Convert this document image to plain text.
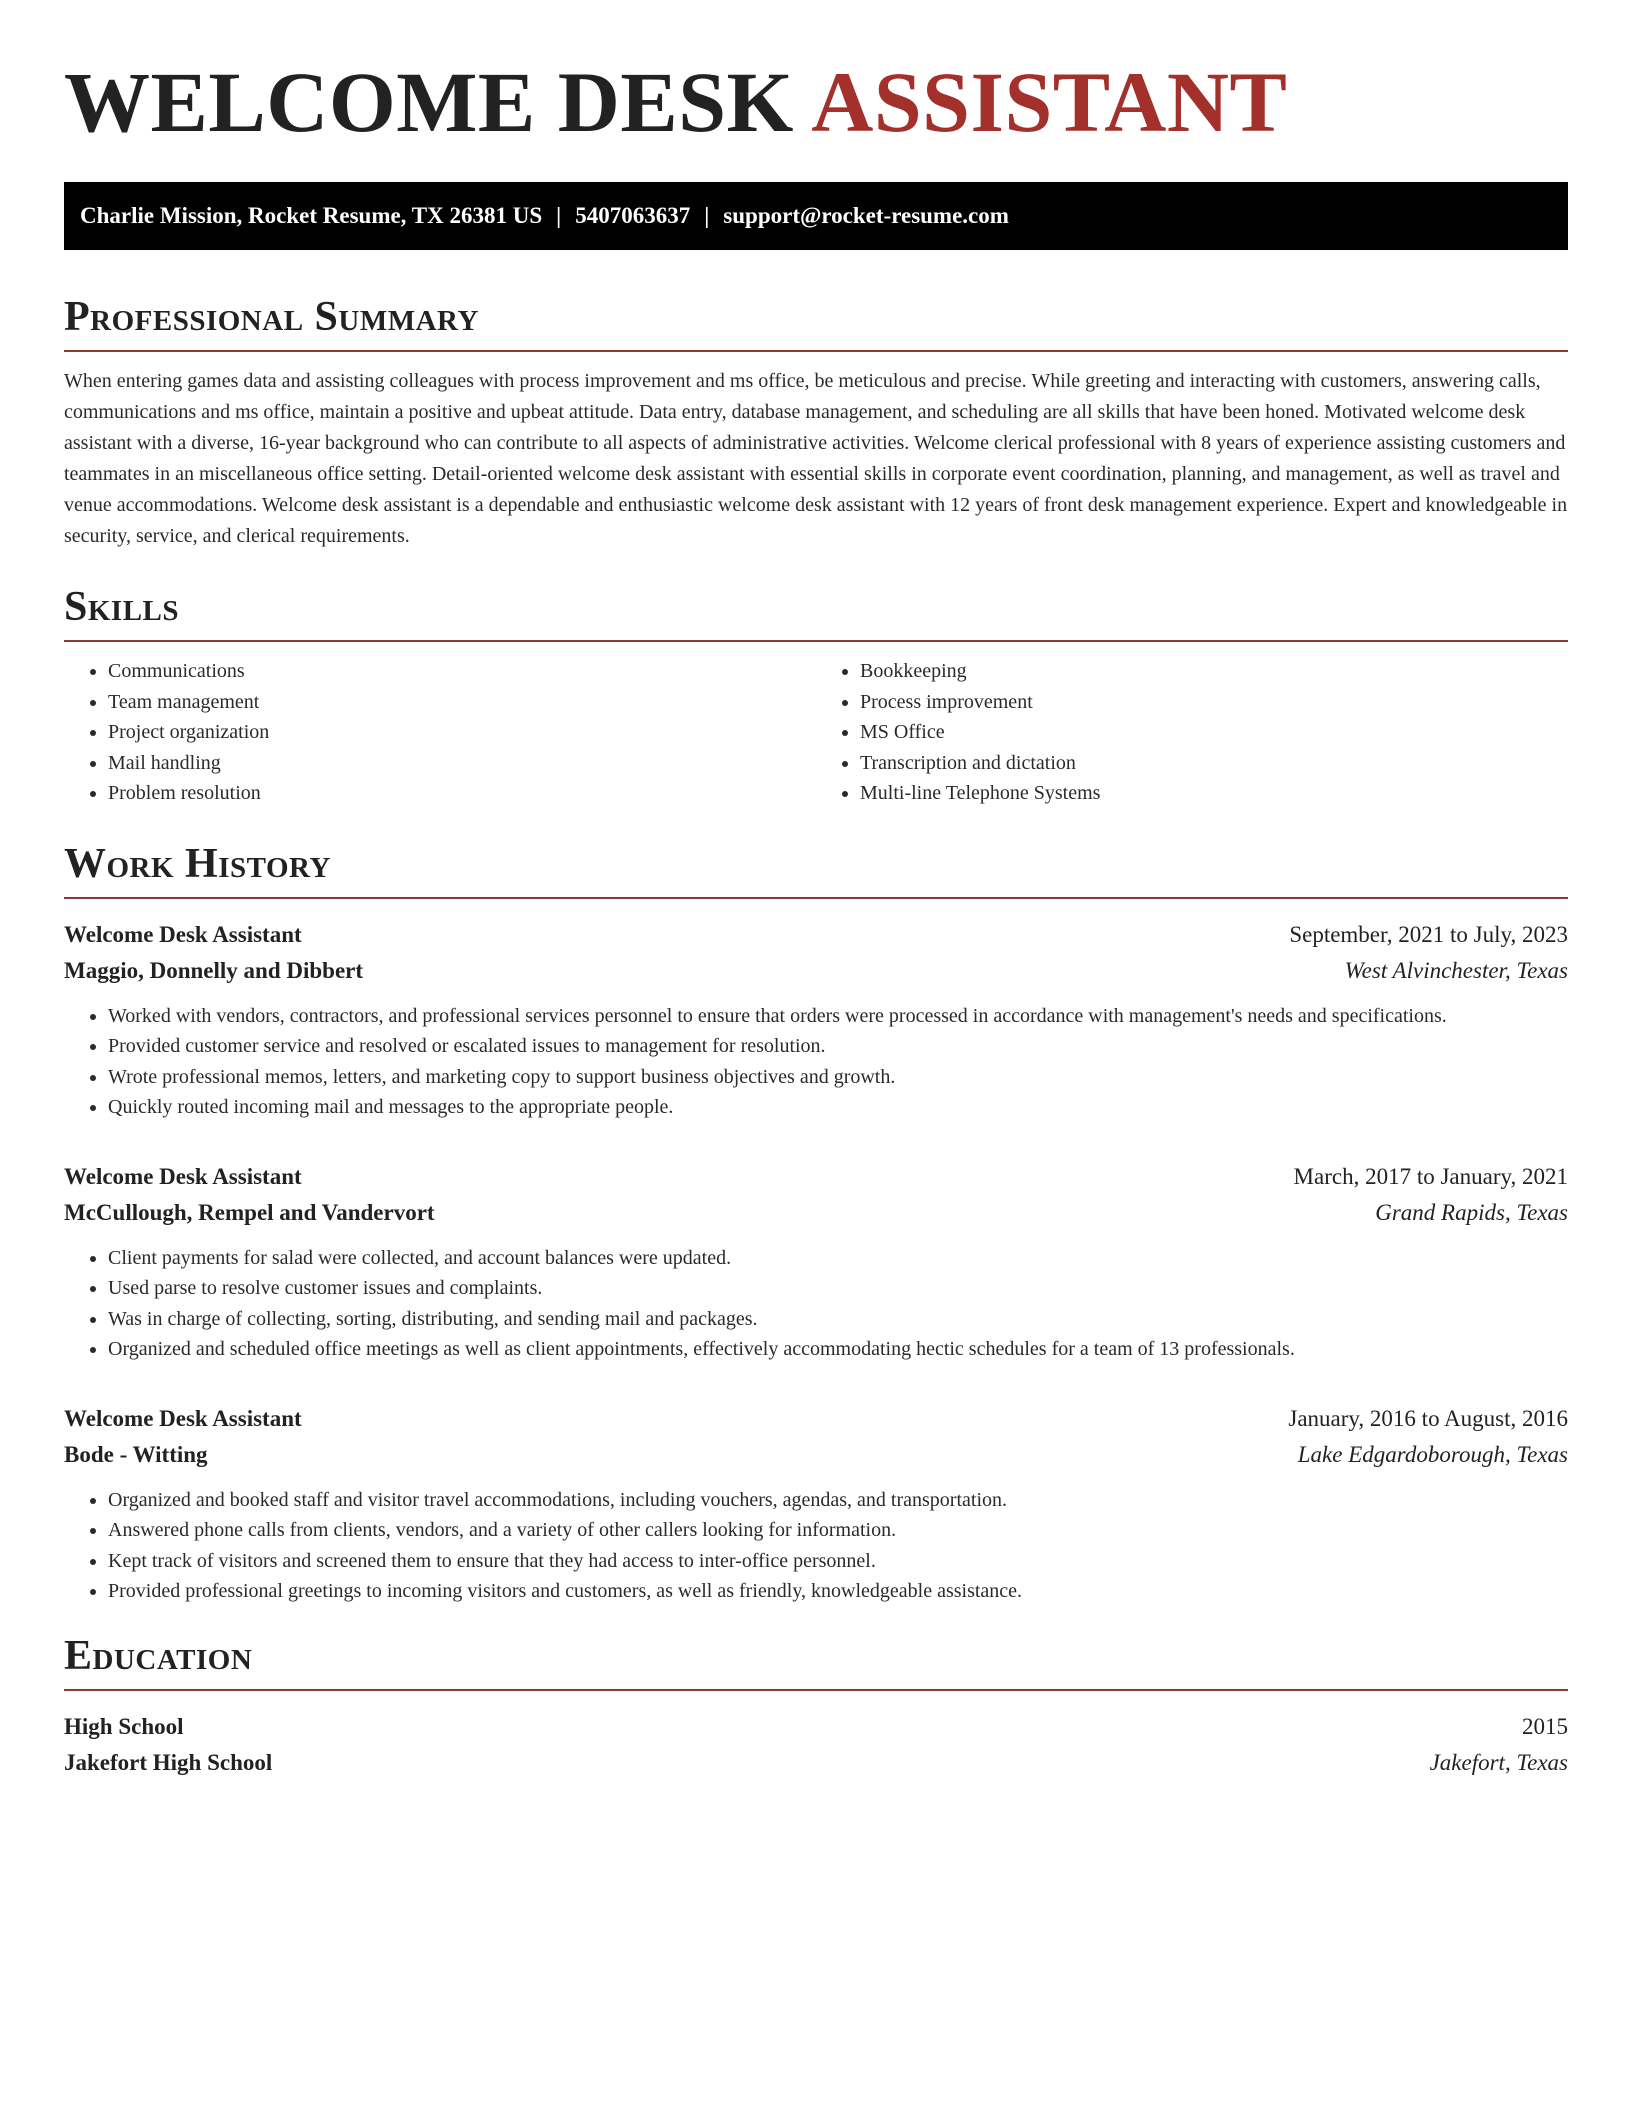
WELCOME DESK ASSISTANT
Charlie Mission, Rocket Resume, TX 26381 US | 5407063637 | support@rocket-resume.com
Professional Summary

When entering games data and assisting colleagues with process improvement and ms office, be meticulous and precise. While greeting and interacting with customers, answering calls, communications and ms office, maintain a positive and upbeat attitude. Data entry, database management, and scheduling are all skills that have been honed. Motivated welcome desk assistant with a diverse, 16-year background who can contribute to all aspects of administrative activities. Welcome clerical professional with 8 years of experience assisting customers and teammates in an miscellaneous office setting. Detail-oriented welcome desk assistant with essential skills in corporate event coordination, planning, and management, as well as travel and venue accommodations. Welcome desk assistant is a dependable and enthusiastic welcome desk assistant with 12 years of front desk management experience. Expert and knowledgeable in security, service, and clerical requirements.

Skills
• Communications
• Team management
• Project organization
• Mail handling
• Problem resolution
• Bookkeeping
• Process improvement
• MS Office
• Transcription and dictation
• Multi-line Telephone Systems
Work History
Welcome Desk Assistant	September, 2021 to July, 2023
Maggio, Donnelly and Dibbert	West Alvinchester, Texas
• Worked with vendors, contractors, and professional services personnel to ensure that orders were processed in accordance with management's needs and specifications.
• Provided customer service and resolved or escalated issues to management for resolution.
• Wrote professional memos, letters, and marketing copy to support business objectives and growth.
• Quickly routed incoming mail and messages to the appropriate people.
Welcome Desk Assistant	March, 2017 to January, 2021
McCullough, Rempel and Vandervort	Grand Rapids, Texas
• Client payments for salad were collected, and account balances were updated.
• Used parse to resolve customer issues and complaints.
• Was in charge of collecting, sorting, distributing, and sending mail and packages.
• Organized and scheduled office meetings as well as client appointments, effectively accommodating hectic schedules for a team of 13 professionals.
Welcome Desk Assistant	January, 2016 to August, 2016
Bode - Witting	Lake Edgardoborough, Texas
• Organized and booked staff and visitor travel accommodations, including vouchers, agendas, and transportation.
• Answered phone calls from clients, vendors, and a variety of other callers looking for information.
• Kept track of visitors and screened them to ensure that they had access to inter-office personnel.
• Provided professional greetings to incoming visitors and customers, as well as friendly, knowledgeable assistance.
Education
High School	2015
Jakefort High School	Jakefort, Texas
